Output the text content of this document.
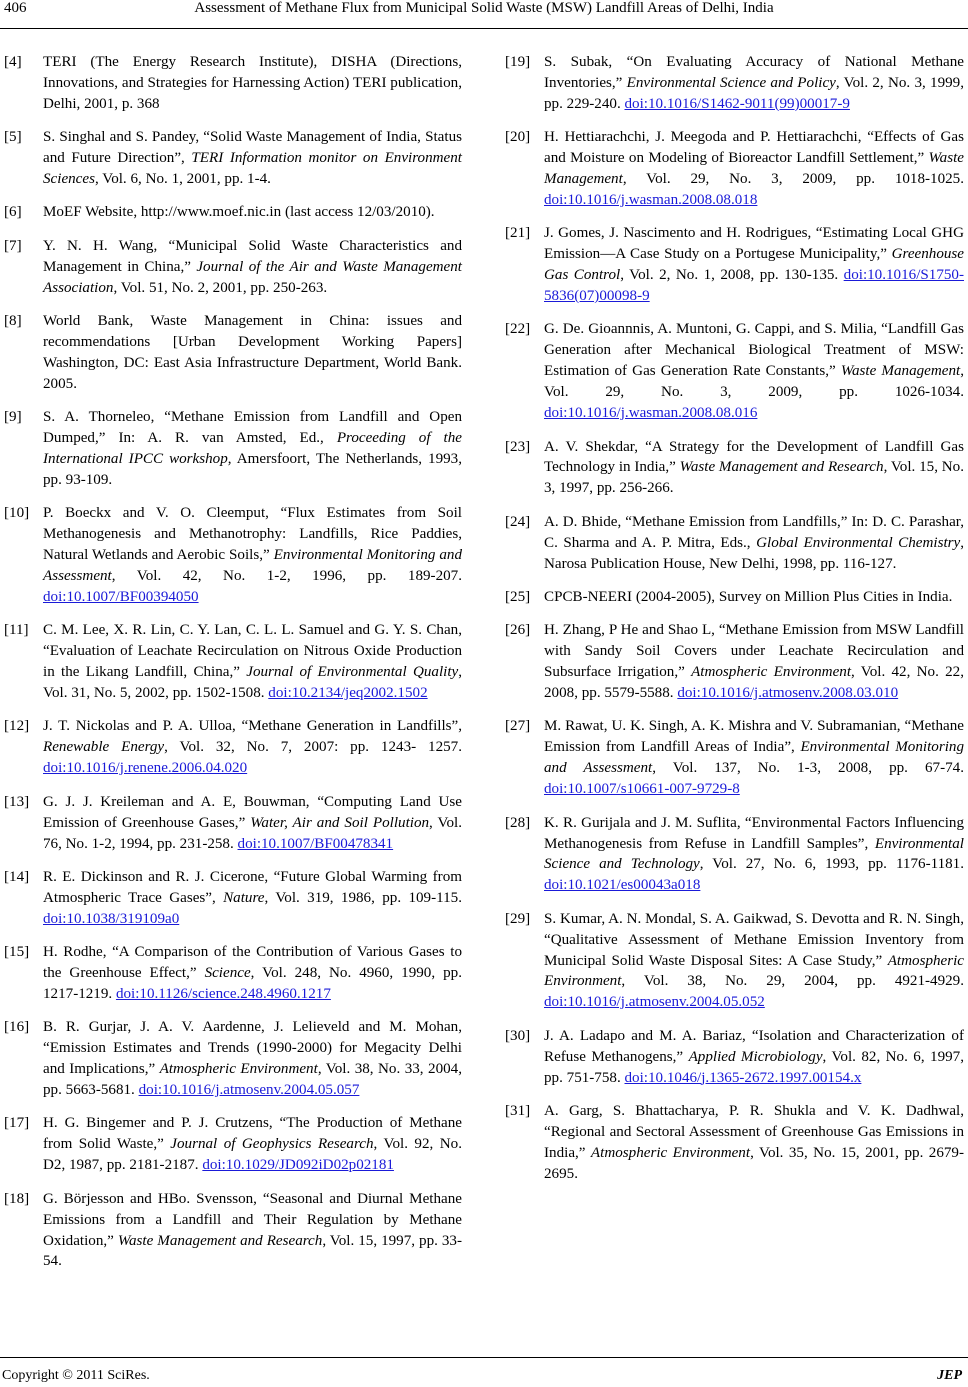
406	Assessment of Methane Flux from Municipal Solid Waste (MSW) Landfill Areas of Delhi, India
[4]	TERI (The Energy Research Institute), DISHA (Directions, Innovations, and Strategies for Harnessing Action) TERI publication, Delhi, 2001, p. 368
[5]	S. Singhal and S. Pandey, “Solid Waste Management of India, Status and Future Direction”, TERI Information monitor on Environment Sciences, Vol. 6, No. 1, 2001, pp. 1-4.
[6]	MoEF Website, http://www.moef.nic.in (last access 12/03/2010).
[7]	Y. N. H. Wang, “Municipal Solid Waste Characteristics and Management in China,” Journal of the Air and Waste Management Association, Vol. 51, No. 2, 2001, pp. 250-263.
[8]	World Bank, Waste Management in China: issues and recommendations [Urban Development Working Papers] Washington, DC: East Asia Infrastructure Department, World Bank. 2005.
[9]	S. A. Thorneleo, “Methane Emission from Landfill and Open Dumped,” In: A. R. van Amsted, Ed., Proceeding of the International IPCC workshop, Amersfoort, The Netherlands, 1993, pp. 93-109.
[10] P. Boeckx and V. O. Cleemput, “Flux Estimates from Soil Methanogenesis and Methanotrophy: Landfills, Rice Paddies, Natural Wetlands and Aerobic Soils,” Environmental Monitoring and Assessment, Vol. 42, No. 1-2, 1996, pp. 189-207. doi:10.1007/BF00394050
[11] C. M. Lee, X. R. Lin, C. Y. Lan, C. L. L. Samuel and G. Y. S. Chan, “Evaluation of Leachate Recirculation on Nitrous Oxide Production in the Likang Landfill, China,” Journal of Environmental Quality, Vol. 31, No. 5, 2002, pp. 1502-1508. doi:10.2134/jeq2002.1502
[12] J. T. Nickolas and P. A. Ulloa, “Methane Generation in Landfills”, Renewable Energy, Vol. 32, No. 7, 2007: pp. 1243- 1257. doi:10.1016/j.renene.2006.04.020
[13] G. J. J. Kreileman and A. E, Bouwman, “Computing Land Use Emission of Greenhouse Gases,” Water, Air and Soil Pollution, Vol. 76, No. 1-2, 1994, pp. 231-258. doi:10.1007/BF00478341
[14] R. E. Dickinson and R. J. Cicerone, “Future Global Warming from Atmospheric Trace Gases”, Nature, Vol. 319, 1986, pp. 109-115. doi:10.1038/319109a0
[15] H. Rodhe, “A Comparison of the Contribution of Various Gases to the Greenhouse Effect,” Science, Vol. 248, No. 4960, 1990, pp. 1217-1219. doi:10.1126/science.248.4960.1217
[16] B. R. Gurjar, J. A. V. Aardenne, J. Lelieveld and M. Mohan, “Emission Estimates and Trends (1990-2000) for Megacity Delhi and Implications,” Atmospheric Environment, Vol. 38, No. 33, 2004, pp. 5663-5681. doi:10.1016/j.atmosenv.2004.05.057
[17] H. G. Bingemer and P. J. Crutzens, “The Production of Methane from Solid Waste,” Journal of Geophysics Research, Vol. 92, No. D2, 1987, pp. 2181-2187. doi:10.1029/JD092iD02p02181
[18] G. Börjesson and HBo. Svensson, “Seasonal and Diurnal Methane Emissions from a Landfill and Their Regulation by Methane Oxidation,” Waste Management and Research, Vol. 15, 1997, pp. 33-54.
[19] S. Subak, “On Evaluating Accuracy of National Methane Inventories,” Environmental Science and Policy, Vol. 2, No. 3, 1999, pp. 229-240. doi:10.1016/S1462-9011(99)00017-9
[20] H. Hettiarachchi, J. Meegoda and P. Hettiarachchi, “Effects of Gas and Moisture on Modeling of Bioreactor Landfill Settlement,” Waste Management, Vol. 29, No. 3, 2009, pp. 1018-1025. doi:10.1016/j.wasman.2008.08.018
[21] J. Gomes, J. Nascimento and H. Rodrigues, “Estimating Local GHG Emission—A Case Study on a Portugese Municipality,” Greenhouse Gas Control, Vol. 2, No. 1, 2008, pp. 130-135. doi:10.1016/S1750-5836(07)00098-9
[22] G. De. Gioannnis, A. Muntoni, G. Cappi, and S. Milia, “Landfill Gas Generation after Mechanical Biological Treatment of MSW: Estimation of Gas Generation Rate Constants,” Waste Management, Vol. 29, No. 3, 2009, pp. 1026-1034. doi:10.1016/j.wasman.2008.08.016
[23] A. V. Shekdar, “A Strategy for the Development of Landfill Gas Technology in India,” Waste Management and Research, Vol. 15, No. 3, 1997, pp. 256-266.
[24] A. D. Bhide, “Methane Emission from Landfills,” In: D. C. Parashar, C. Sharma and A. P. Mitra, Eds., Global Environmental Chemistry, Narosa Publication House, New Delhi, 1998, pp. 116-127.
[25] CPCB-NEERI (2004-2005), Survey on Million Plus Cities in India.
[26] H. Zhang, P He and Shao L, “Methane Emission from MSW Landfill with Sandy Soil Covers under Leachate Recirculation and Subsurface Irrigation,” Atmospheric Environment, Vol. 42, No. 22, 2008, pp. 5579-5588. doi:10.1016/j.atmosenv.2008.03.010
[27] M. Rawat, U. K. Singh, A. K. Mishra and V. Subramanian, “Methane Emission from Landfill Areas of India”, Environmental Monitoring and Assessment, Vol. 137, No. 1-3, 2008, pp. 67-74. doi:10.1007/s10661-007-9729-8
[28] K. R. Gurijala and J. M. Suflita, “Environmental Factors Influencing Methanogenesis from Refuse in Landfill Samples”, Environmental Science and Technology, Vol. 27, No. 6, 1993, pp. 1176-1181. doi:10.1021/es00043a018
[29] S. Kumar, A. N. Mondal, S. A. Gaikwad, S. Devotta and R. N. Singh, “Qualitative Assessment of Methane Emission Inventory from Municipal Solid Waste Disposal Sites: A Case Study,” Atmospheric Environment, Vol. 38, No. 29, 2004, pp. 4921-4929. doi:10.1016/j.atmosenv.2004.05.052
[30] J. A. Ladapo and M. A. Bariaz, “Isolation and Characterization of Refuse Methanogens,” Applied Microbiology, Vol. 82, No. 6, 1997, pp. 751-758. doi:10.1046/j.1365-2672.1997.00154.x
[31] A. Garg, S. Bhattacharya, P. R. Shukla and V. K. Dadhwal, “Regional and Sectoral Assessment of Greenhouse Gas Emissions in India,” Atmospheric Environment, Vol. 35, No. 15, 2001, pp. 2679-2695.
Copyright © 2011 SciRes.	JEP
